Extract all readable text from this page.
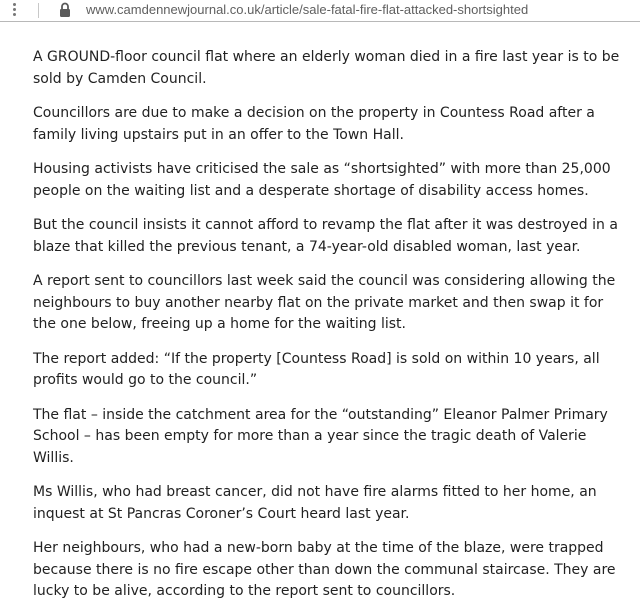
www.camdennewjournal.co.uk/article/sale-fatal-fire-flat-attacked-shortsighted

A GROUND-floor council flat where an elderly woman died in a fire last year is to be sold by Camden Council.

Councillors are due to make a decision on the property in Countess Road after a family living upstairs put in an offer to the Town Hall.

Housing activists have criticised the sale as “shortsighted” with more than 25,000 people on the waiting list and a desperate shortage of disability access homes.

But the council insists it cannot afford to revamp the flat after it was destroyed in a blaze that killed the previous tenant, a 74-year-old disabled woman, last year.

A report sent to councillors last week said the council was considering allowing the neighbours to buy another nearby flat on the private market and then swap it for the one below, freeing up a home for the waiting list.

The report added: “If the property [Countess Road] is sold on within 10 years, all profits would go to the council.”

The flat – inside the catchment area for the “outstanding” Eleanor Palmer Primary School – has been empty for more than a year since the tragic death of Valerie Willis.

Ms Willis, who had breast cancer, did not have fire alarms fitted to her home, an inquest at St Pancras Coroner’s Court heard last year.

Her neighbours, who had a new-born baby at the time of the blaze, were trapped because there is no fire escape other than down the communal staircase. They are lucky to be alive, according to the report sent to councillors.
